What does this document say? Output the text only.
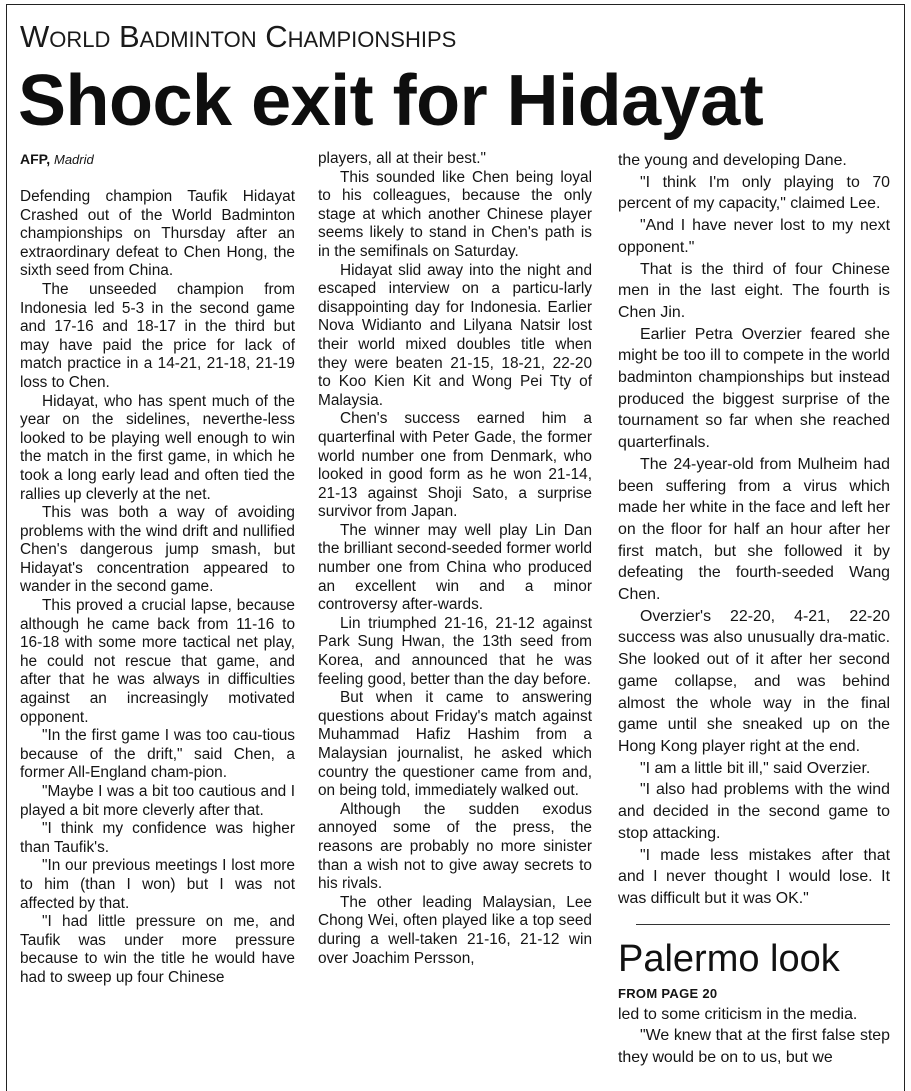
World Badminton Championships
Shock exit for Hidayat
AFP, Madrid

Defending champion Taufik Hidayat Crashed out of the World Badminton championships on Thursday after an extraordinary defeat to Chen Hong, the sixth seed from China.

The unseeded champion from Indonesia led 5-3 in the second game and 17-16 and 18-17 in the third but may have paid the price for lack of match practice in a 14-21, 21-18, 21-19 loss to Chen.

Hidayat, who has spent much of the year on the sidelines, neverthe-less looked to be playing well enough to win the match in the first game, in which he took a long early lead and often tied the rallies up cleverly at the net.

This was both a way of avoiding problems with the wind drift and nullified Chen's dangerous jump smash, but Hidayat's concentration appeared to wander in the second game.

This proved a crucial lapse, because although he came back from 11-16 to 16-18 with some more tactical net play, he could not rescue that game, and after that he was always in difficulties against an increasingly motivated opponent.

"In the first game I was too cau-tious because of the drift," said Chen, a former All-England cham-pion.

"Maybe I was a bit too cautious and I played a bit more cleverly after that.

"I think my confidence was higher than Taufik's.

"In our previous meetings I lost more to him (than I won) but I was not affected by that.

"I had little pressure on me, and Taufik was under more pressure because to win the title he would have had to sweep up four Chinese

players, all at their best."

This sounded like Chen being loyal to his colleagues, because the only stage at which another Chinese player seems likely to stand in Chen's path is in the semifinals on Saturday.

Hidayat slid away into the night and escaped interview on a particu-larly disappointing day for Indonesia. Earlier Nova Widianto and Lilyana Natsir lost their world mixed doubles title when they were beaten 21-15, 18-21, 22-20 to Koo Kien Kit and Wong Pei Tty of Malaysia.

Chen's success earned him a quarterfinal with Peter Gade, the former world number one from Denmark, who looked in good form as he won 21-14, 21-13 against Shoji Sato, a surprise survivor from Japan.

The winner may well play Lin Dan the brilliant second-seeded former world number one from China who produced an excellent win and a minor controversy after-wards.

Lin triumphed 21-16, 21-12 against Park Sung Hwan, the 13th seed from Korea, and announced that he was feeling good, better than the day before.

But when it came to answering questions about Friday's match against Muhammad Hafiz Hashim from a Malaysian journalist, he asked which country the questioner came from and, on being told, immediately walked out.

Although the sudden exodus annoyed some of the press, the reasons are probably no more sinister than a wish not to give away secrets to his rivals.

The other leading Malaysian, Lee Chong Wei, often played like a top seed during a well-taken 21-16, 21-12 win over Joachim Persson,

the young and developing Dane.

"I think I'm only playing to 70 percent of my capacity," claimed Lee.

"And I have never lost to my next opponent."

That is the third of four Chinese men in the last eight. The fourth is Chen Jin.

Earlier Petra Overzier feared she might be too ill to compete in the world badminton championships but instead produced the biggest surprise of the tournament so far when she reached quarterfinals.

The 24-year-old from Mulheim had been suffering from a virus which made her white in the face and left her on the floor for half an hour after her first match, but she followed it by defeating the fourth-seeded Wang Chen.

Overzier's 22-20, 4-21, 22-20 success was also unusually dra-matic. She looked out of it after her second game collapse, and was behind almost the whole way in the final game until she sneaked up on the Hong Kong player right at the end.

"I am a little bit ill," said Overzier.

"I also had problems with the wind and decided in the second game to stop attacking.

"I made less mistakes after that and I never thought I would lose. It was difficult but it was OK."

Palermo look
FROM PAGE 20

led to some criticism in the media.

"We knew that at the first false step they would be on to us, but we
